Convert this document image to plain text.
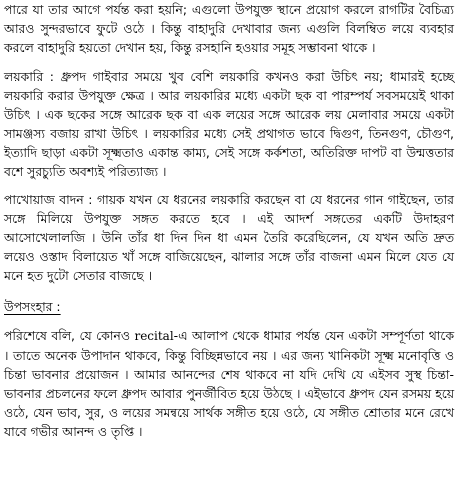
পারে যা তার আগে পর্যন্ত করা হয়নি; এগুলো উপযুক্ত স্থানে প্রয়োগ করলে রাগটির বৈচিত্র্য আরও সুন্দরভাবে ফুটে ওঠে । কিন্তু বাহাদুরি দেখাবার জন্য এগুলি বিলম্বিত লয়ে ব্যবহার করলে বাহাদুরি হয়তো দেখান হয়, কিন্তু রসহানি হওয়ার সমূহ সম্ভাবনা থাকে ।

লয়কারি : ধ্রুপদ গাইবার সময়ে খুব বেশি লয়কারি কখনও করা উচিৎ নয়; ধামারই হচ্ছে লয়কারি করার উপযুক্ত ক্ষেত্র । আর লয়কারির মধ্যে একটা ছক বা পারম্পর্য সবসময়েই থাকা উচিৎ । এক ছকের সঙ্গে আরেক ছক বা এক লয়ের সঙ্গে আরেক লয় মেলাবার সময়ে একটা সামঞ্জস্য বজায় রাখা উচিৎ । লয়কারির মধ্যে সেই প্রথাগত ভাবে দ্বিগুণ, তিনগুণ, চৌগুণ, ইত্যাদি ছাড়া একটা সূক্ষ্মতাও একান্ত কাম্য, সেই সঙ্গে কর্কশতা, অতিরিক্ত দাপট বা উন্মত্ততার বশে সুরচ্যুতি অবশ্যই পরিত্যাজ্য ।

পাখোয়াজ বাদন : গায়ক যখন যে ধরনের লয়কারি করছেন বা যে ধরনের গান গাইছেন, তার সঙ্গে মিলিয়ে উপযুক্ত সঙ্গত করতে হবে । এই আদর্শ সঙ্গতের একটি উদাহরণ আসোখেলালজি । উনি তাঁর ধা দিন দিন ধা এমন তৈরি করেছিলেন, যে যখন অতি দ্রুত লয়েও ওস্তাদ বিলায়েত খাঁ সঙ্গে বাজিয়েছেন, ঝালার সঙ্গে তাঁর বাজনা এমন মিলে যেত যে মনে হত দুটো সেতার বাজছে ।

উপসংহার :

পরিশেষে বলি, যে কোনও recital-এ আলাপ থেকে ধামার পর্যন্ত যেন একটা সম্পূর্ণতা থাকে । তাতে অনেক উপাদান থাকবে, কিন্তু বিচ্ছিন্নভাবে নয় । এর জন্য খানিকটা সূক্ষ্ম মনোবৃত্তি ও চিন্তা ভাবনার প্রয়োজন । আমার আনন্দের শেষ থাকবে না যদি দেখি যে এইসব সুস্থ চিন্তা-ভাবনার প্রচলনের ফলে ধ্রুপদ আবার পুনর্জীবিত হয়ে উঠছে । এইভাবে ধ্রুপদ যেন রসময় হয়ে ওঠে, যেন ভাব, সুর, ও লয়ের সমন্বয়ে সার্থক সঙ্গীত হয়ে ওঠে, যে সঙ্গীত শ্রোতার মনে রেখে যাবে গভীর আনন্দ ও তৃপ্তি ।
